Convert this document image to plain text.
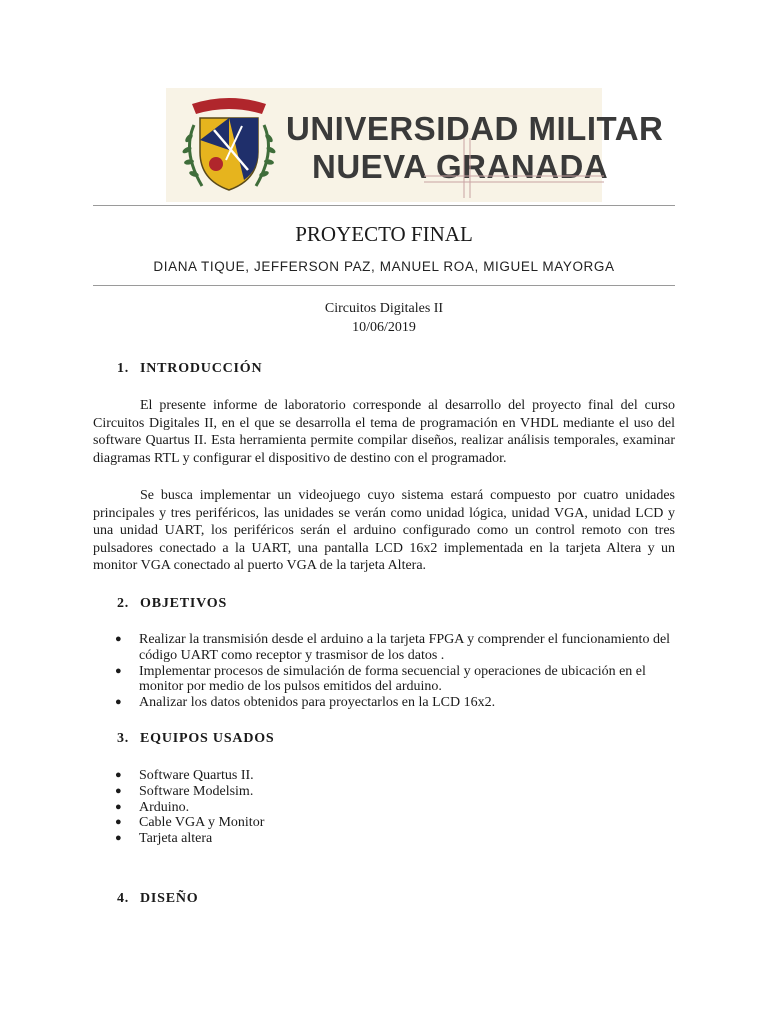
UNIVERSIDAD MILITAR
NUEVA GRANADA
PROYECTO FINAL
DIANA TIQUE, JEFFERSON PAZ, MANUEL ROA, MIGUEL MAYORGA
Circuitos Digitales II
10/06/2019
1. INTRODUCCIÓN

El presente informe de laboratorio corresponde al desarrollo del proyecto final del curso Circuitos Digitales II, en el que se desarrolla el tema de programación en VHDL mediante el uso del software Quartus II. Esta herramienta permite compilar diseños, realizar análisis temporales, examinar diagramas RTL y configurar el dispositivo de destino con el programador.

Se busca implementar un videojuego cuyo sistema estará compuesto por cuatro unidades principales y tres periféricos, las unidades se verán como unidad lógica, unidad VGA, unidad LCD y una unidad UART, los periféricos serán el arduino configurado como un control remoto con tres pulsadores conectado a la UART, una pantalla LCD 16x2 implementada en la tarjeta Altera y un monitor VGA conectado al puerto VGA de la tarjeta Altera.

2. OBJETIVOS
● Realizar la transmisión desde el arduino a la tarjeta FPGA y comprender el funcionamiento del código UART como receptor y trasmisor de los datos .
● Implementar procesos de simulación de forma secuencial y operaciones de ubicación en el monitor por medio de los pulsos emitidos del arduino.
● Analizar los datos obtenidos para proyectarlos en la LCD 16x2.
3. EQUIPOS USADOS
● Software Quartus II.
● Software Modelsim.
● Arduino.
● Cable VGA y Monitor
● Tarjeta altera
4. DISEÑO
